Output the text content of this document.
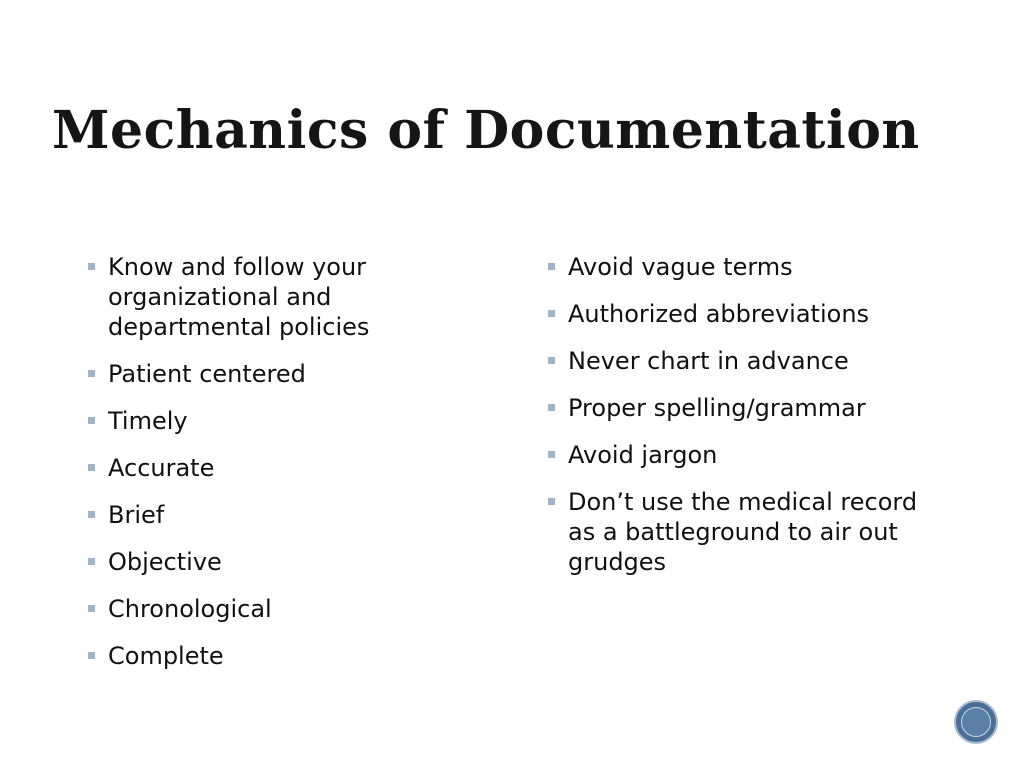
Mechanics of Documentation
Know and follow your organizational and departmental policies
Patient centered
Timely
Accurate
Brief
Objective
Chronological
Complete
Avoid vague terms
Authorized abbreviations
Never chart in advance
Proper spelling/grammar
Avoid jargon
Don’t use the medical record as a battleground to air out grudges
